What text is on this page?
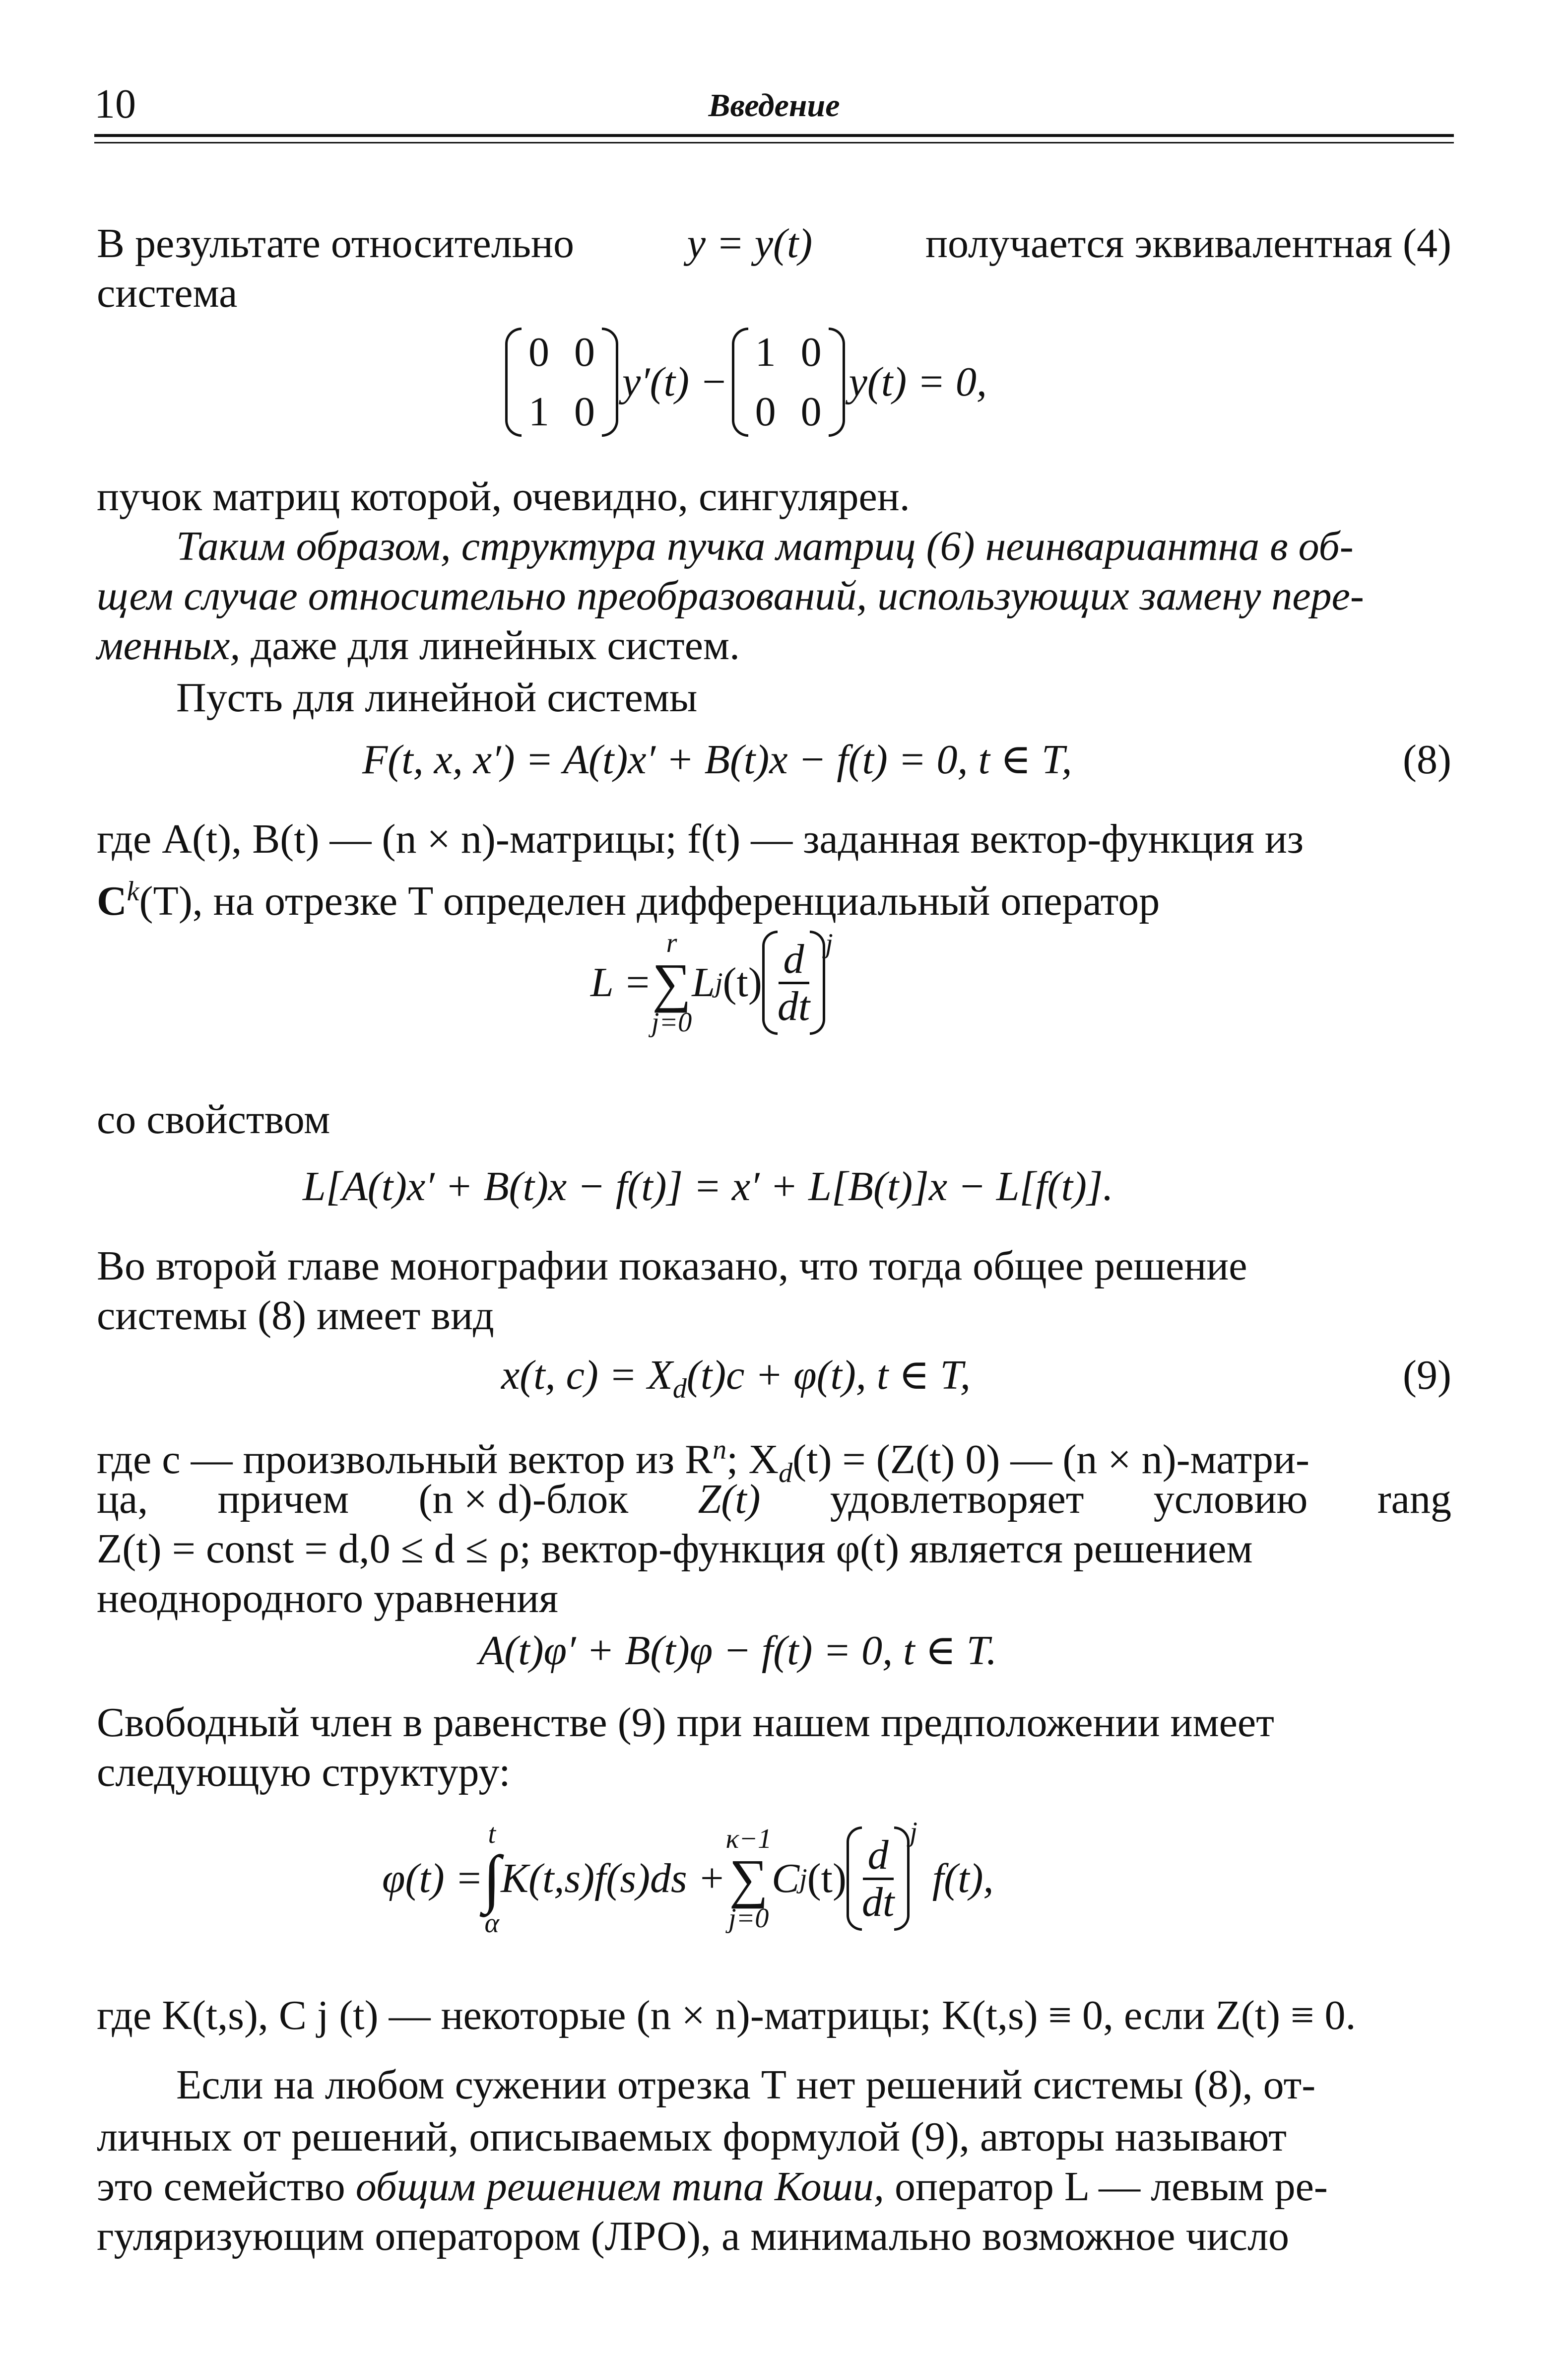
10	Введение
В результате относительно	y = y(t)	получается эквивалентная (4)
система
0 0
1 0
y′(t) −
1 0
0 0
y(t) = 0,
пучок матриц которой, очевидно, сингулярен.
Таким образом, структура пучка матриц (6) неинвариантна в об-
щем случае относительно преобразований, использующих замену пере-
менных, даже для линейных систем.
Пусть для линейной системы
F(t, x, x′) = A(t)x′ + B(t)x − f(t) = 0, t ∈ T,	(8)
где A(t), B(t) — (n × n)-матрицы; f(t) — заданная вектор-функция из
$C^k(T)$, на отрезке T определен дифференциальный оператор
L =
r
∑
j=0
L j $(t) \frac{d}{dt} ^j$
со свойством
L[A(t)x′ + B(t)x − f(t)] = x′ + L[B(t)]x − L[f(t)].
Во второй главе монографии показано, что тогда общее решение
системы (8) имеет вид
x(t, $c) = X_d(t)c + \varphi(t)$, t ∈ T,	(9)
где c — произвольный вектор из $R^n$; $X_d(t) = (Z(t)$ 0) — (n × n)-матри-
ца, причем (n × d)-блок Z(t) удовлетворяет условию rang
Z(t) = const = d,0 ≤ d ≤ ρ; вектор-функция φ(t) является решением
неоднородного уравнения
A(t)φ′ + B(t)φ − f(t) = 0, t ∈ T.
Свободный член в равенстве (9) при нашем предположении имеет
следующую структуру:
φ(t) =
t
∫
α
K(t,s)f(s)ds +
κ−1
∑
j=0
C j $(t) \frac{d}{dt}$
$^j$
f(t),
где K(t,s), C j (t) — некоторые (n × n)-матрицы; K(t,s) ≡ 0, если Z(t) ≡ 0.
Если на любом сужении отрезка T нет решений системы (8), от-
личных от решений, описываемых формулой (9), авторы называют
это семейство общим решением типа Коши, оператор L — левым ре-
гуляризующим оператором (ЛРО), а минимально возможное число
